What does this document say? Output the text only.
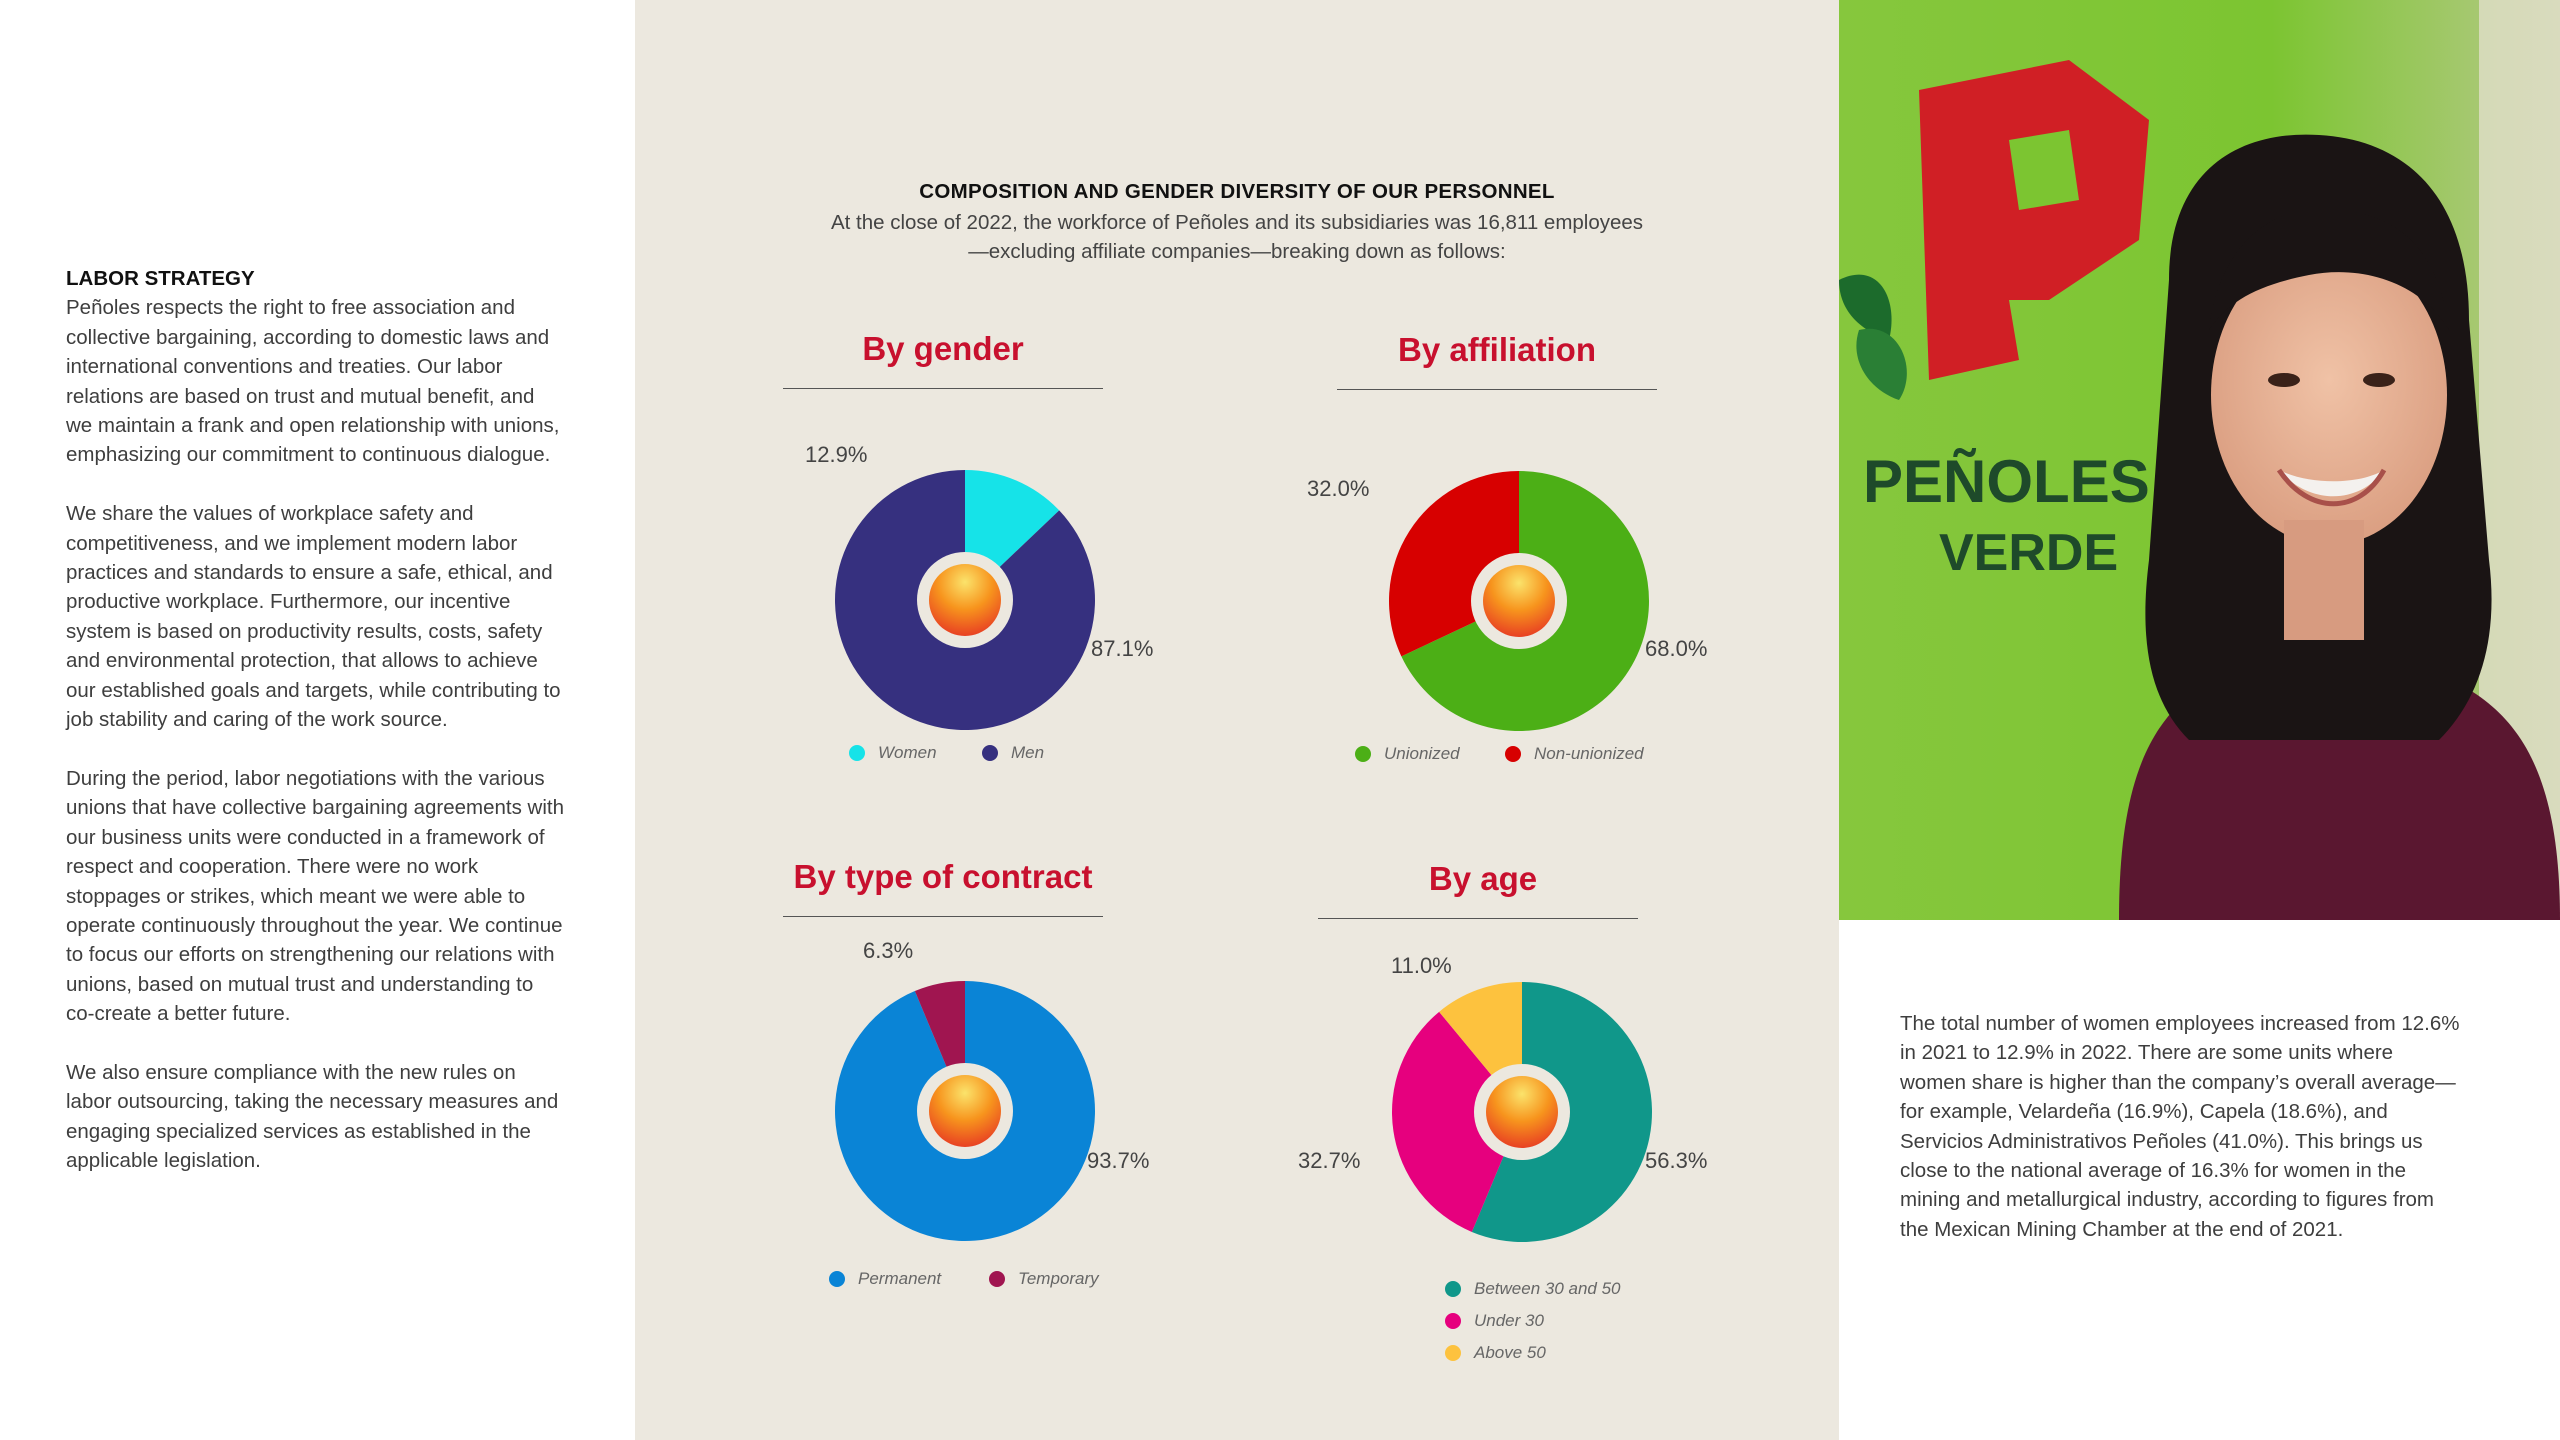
LABOR STRATEGY

Peñoles respects the right to free association and collective bargaining, according to domestic laws and international conventions and treaties. Our labor relations are based on trust and mutual benefit, and we maintain a frank and open relationship with unions, emphasizing our commitment to continuous dialogue.

We share the values of workplace safety and competitiveness, and we implement modern labor practices and standards to ensure a safe, ethical, and productive workplace. Furthermore, our incentive system is based on productivity results, costs, safety and environmental protection, that allows to achieve our established goals and targets, while contributing to job stability and caring of the work source.

During the period, labor negotiations with the various unions that have collective bargaining agreements with our business units were conducted in a framework of respect and cooperation. There were no work stoppages or strikes, which meant we were able to operate continuously throughout the year. We continue to focus our efforts on strengthening our relations with unions, based on mutual trust and understanding to co-create a better future.

We also ensure compliance with the new rules on labor outsourcing, taking the necessary measures and engaging specialized services as established in the applicable legislation.

COMPOSITION AND GENDER DIVERSITY OF OUR PERSONNEL
At the close of 2022, the workforce of Peñoles and its subsidiaries was 16,811 employees
—excluding affiliate companies—breaking down as follows:
By gender
12.9%
87.1%
Women	Men
By affiliation
32.0%
68.0%
Unionized	Non-unionized
By type of contract
6.3%
93.7%
Permanent	Temporary
By age
11.0%
32.7%	56.3%
Between 30 and 50
Under 30
Above 50
PEÑOLES
VERDE

The total number of women employees increased from 12.6% in 2021 to 12.9% in 2022. There are some units where women share is higher than the company’s overall average—for example, Velardeña (16.9%), Capela (18.6%), and Servicios Administrativos Peñoles (41.0%). This brings us close to the national average of 16.3% for women in the mining and metallurgical industry, according to figures from the Mexican Mining Chamber at the end of 2021.
